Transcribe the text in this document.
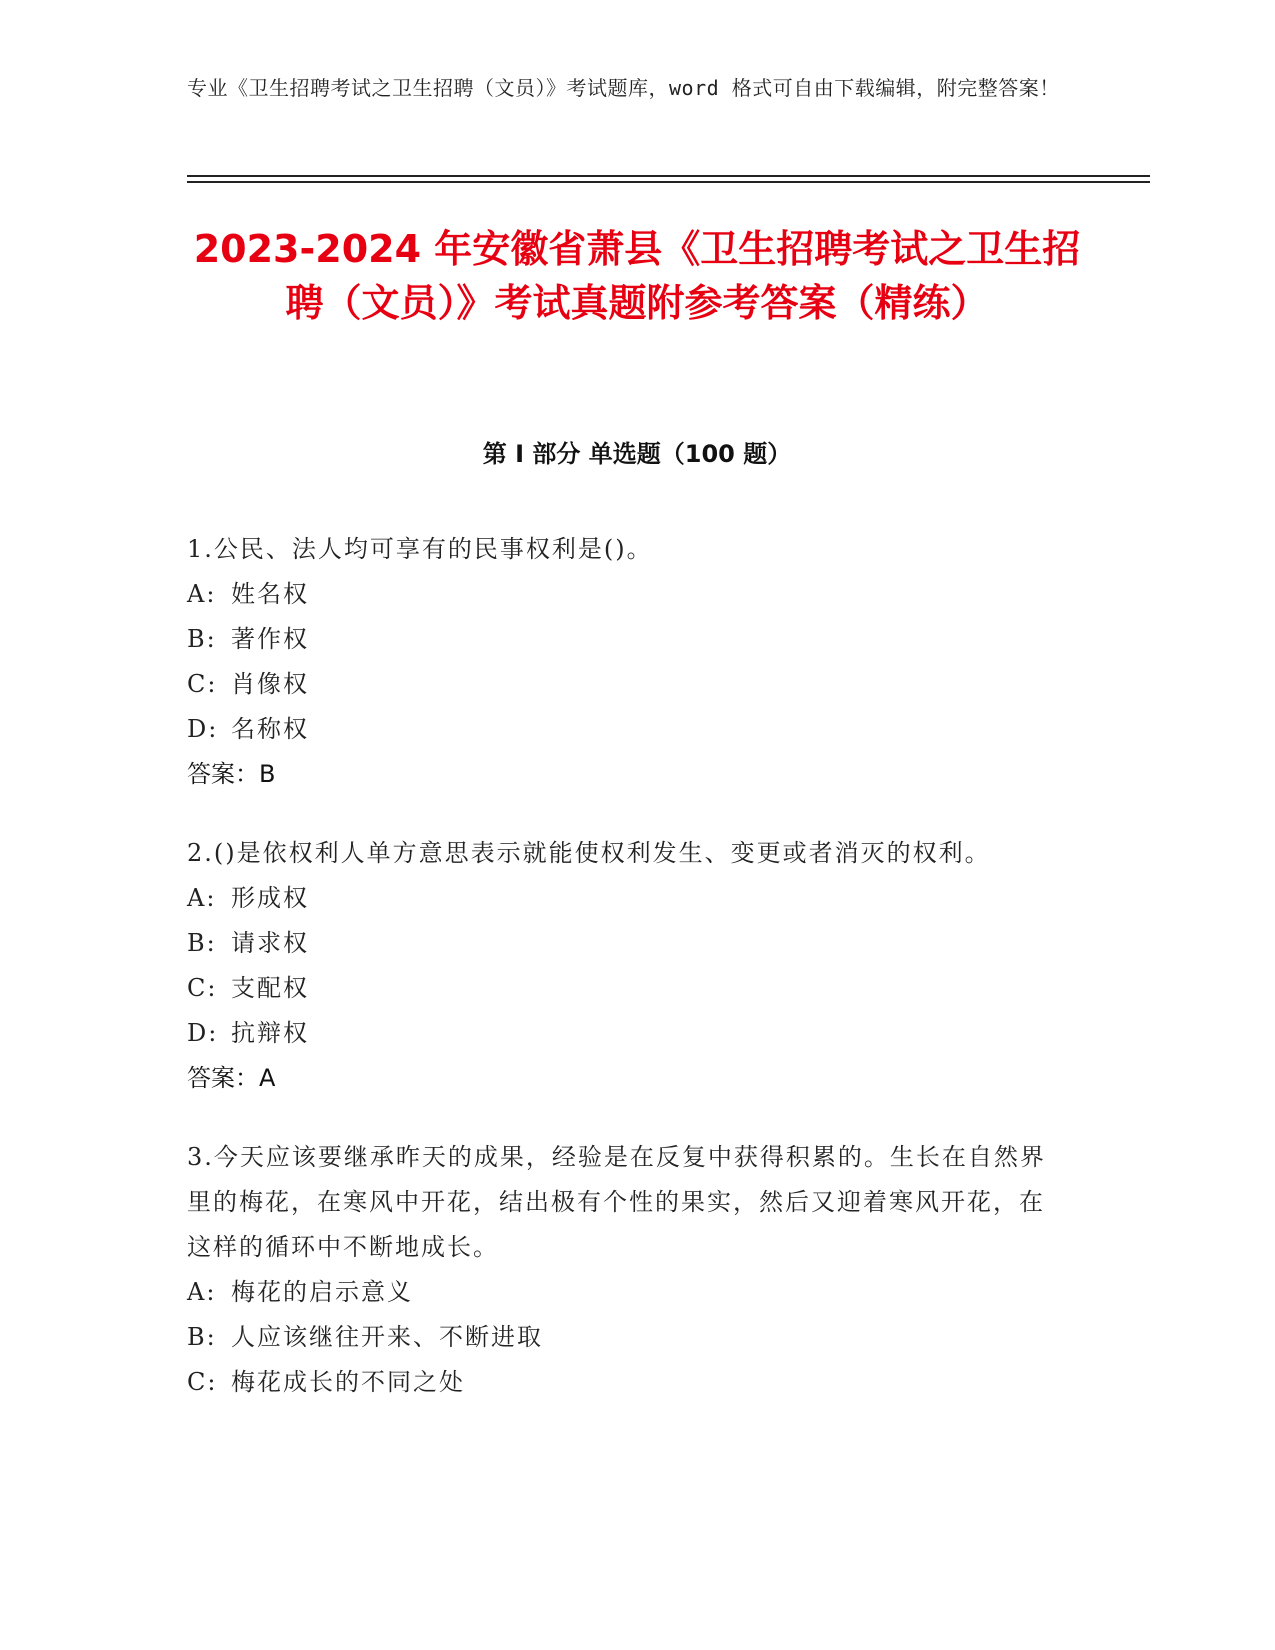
专业《卫生招聘考试之卫生招聘（文员）》考试题库，word 格式可自由下载编辑，附完整答案！
2023-2024 年安徽省萧县《卫生招聘考试之卫生招聘（文员）》考试真题附参考答案（精练）
第 I 部分 单选题（100 题）
1.公民、法人均可享有的民事权利是()。
A: 姓名权
B: 著作权
C: 肖像权
D: 名称权
答案：B
2.()是依权利人单方意思表示就能使权利发生、变更或者消灭的权利。
A: 形成权
B: 请求权
C: 支配权
D: 抗辩权
答案：A
3.今天应该要继承昨天的成果，经验是在反复中获得积累的。生长在自然界里的梅花，在寒风中开花，结出极有个性的果实，然后又迎着寒风开花，在这样的循环中不断地成长。
A: 梅花的启示意义
B: 人应该继往开来、不断进取
C: 梅花成长的不同之处
